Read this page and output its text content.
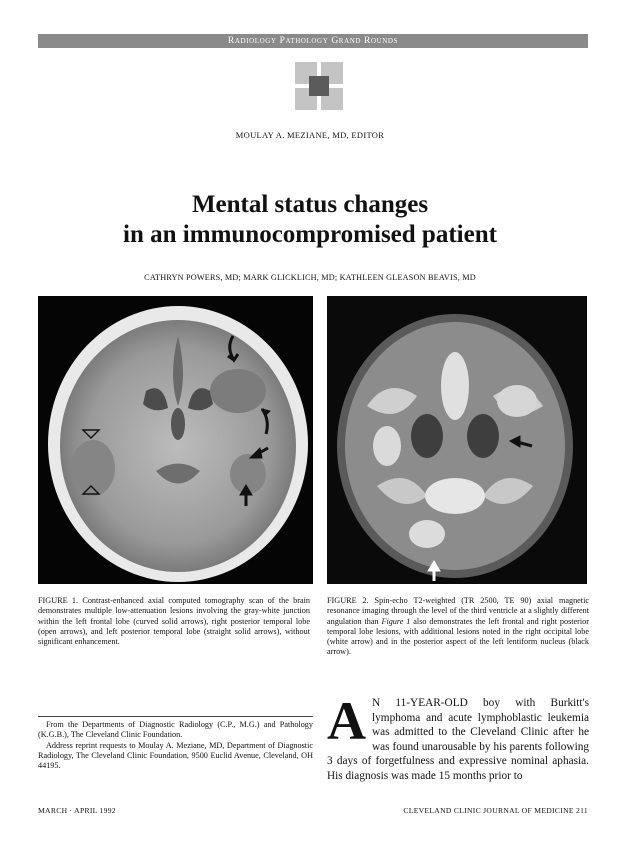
Radiology Pathology Grand Rounds
MOULAY A. MEZIANE, MD, EDITOR
Mental status changes
in an immunocompromised patient
CATHRYN POWERS, MD; MARK GLICKLICH, MD; KATHLEEN GLEASON BEAVIS, MD
FIGURE 1. Contrast-enhanced axial computed tomography scan of the brain demonstrates multiple low-attenuation lesions involving the gray-white junction within the left frontal lobe (curved solid arrows), right posterior temporal lobe (open arrows), and left posterior temporal lobe (straight solid arrows), without significant enhancement.
FIGURE 2. Spin-echo T2-weighted (TR 2500, TE 90) axial magnetic resonance imaging through the level of the third ventricle at a slightly different angulation than Figure 1 also demonstrates the left frontal and right posterior temporal lobe lesions, with additional lesions noted in the right occipital lobe (white arrow) and in the posterior aspect of the left lentiform nucleus (black arrow).

From the Departments of Diagnostic Radiology (C.P., M.G.) and Pathology (K.G.B.), The Cleveland Clinic Foundation.

Address reprint requests to Moulay A. Meziane, MD, Department of Diagnostic Radiology, The Cleveland Clinic Foundation, 9500 Euclid Avenue, Cleveland, OH 44195.

A N 11-YEAR-OLD boy with Burkitt's lymphoma and acute lymphoblastic leukemia was admitted to the Cleveland Clinic after he was found unarousable by his parents following 3 days of forgetfulness and expressive nominal aphasia. His diagnosis was made 15 months prior to
MARCH · APRIL 1992	CLEVELAND CLINIC JOURNAL OF MEDICINE 211
